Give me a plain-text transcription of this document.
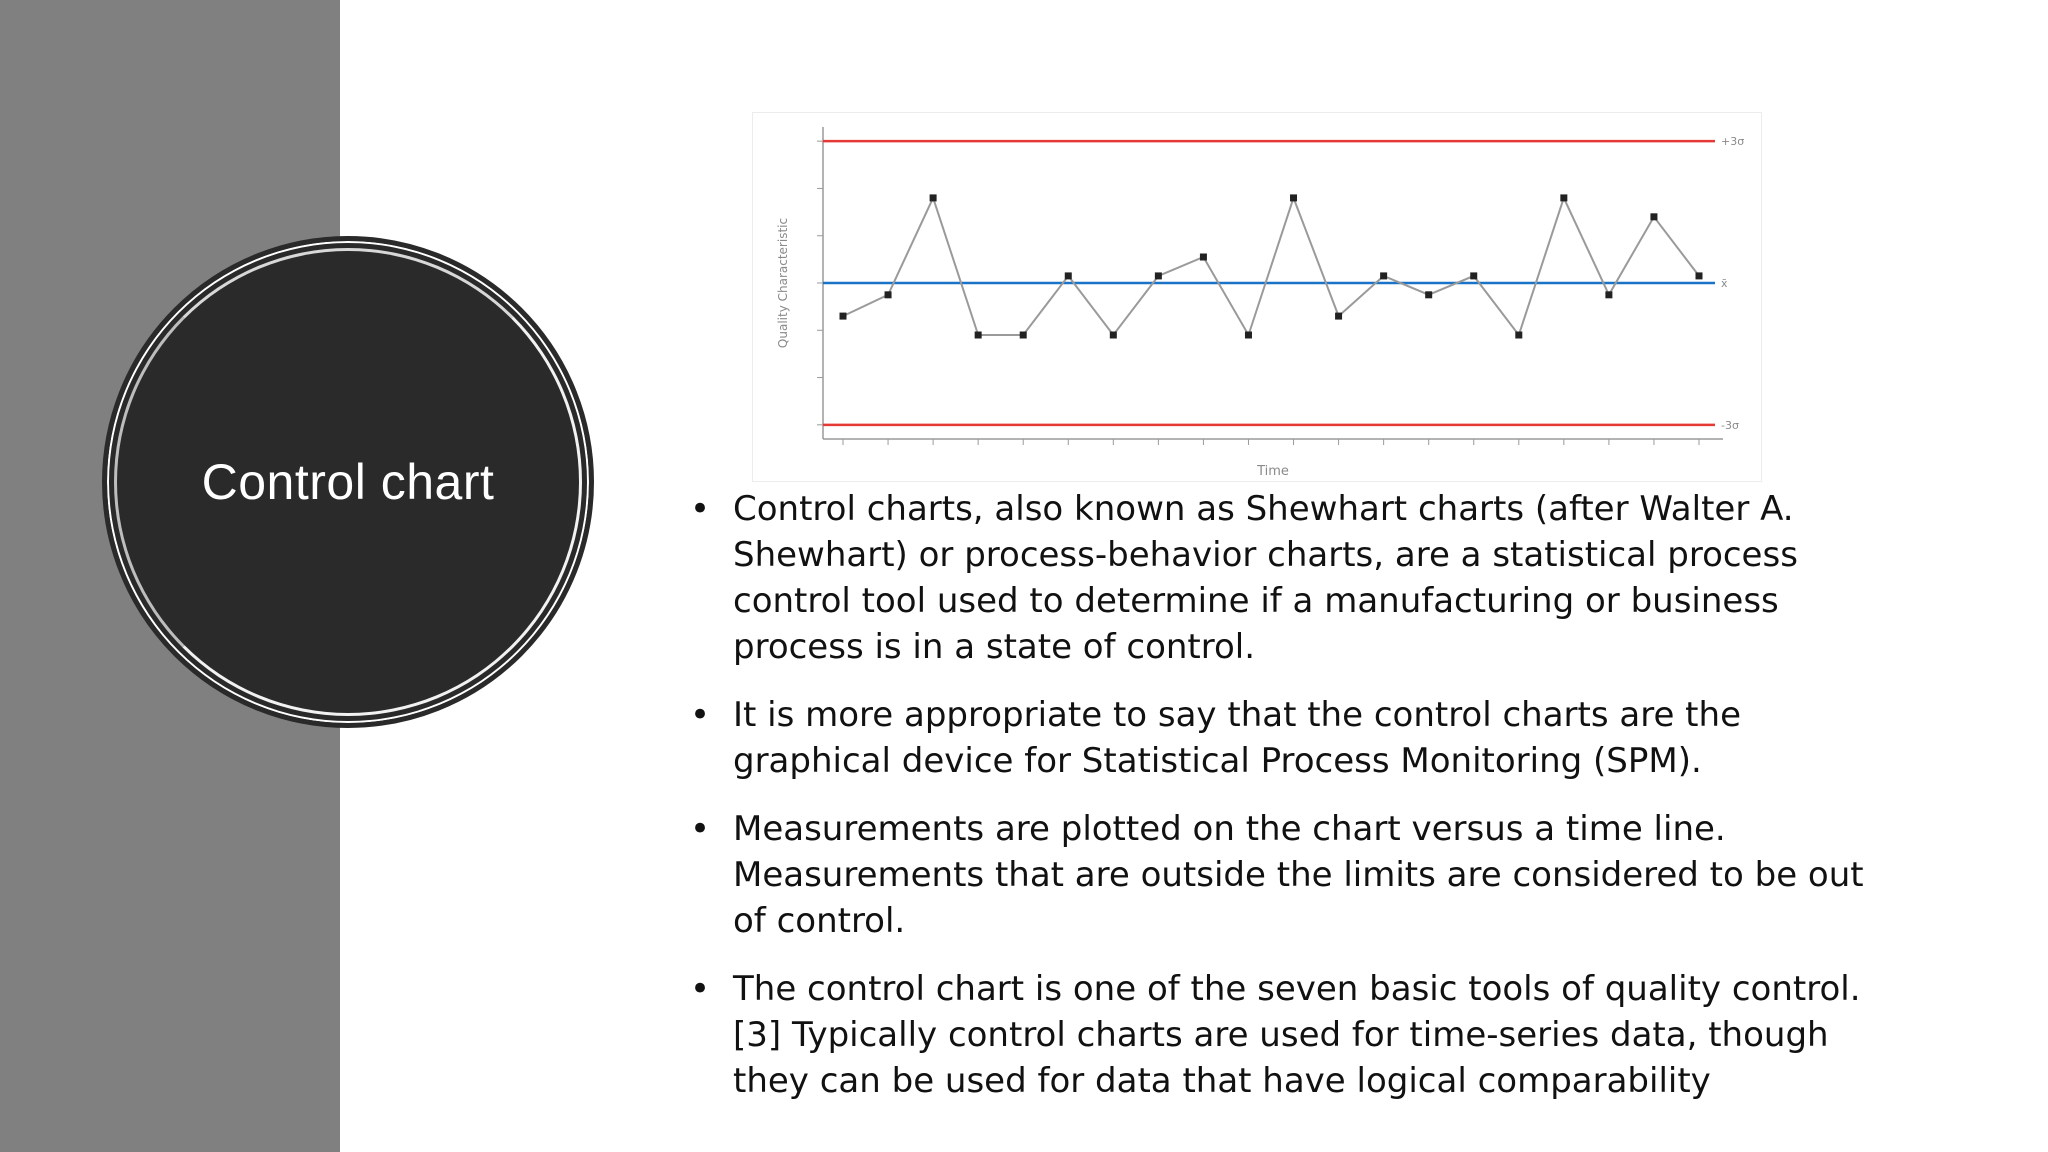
Control chart
+3σ
x̄
-3σ
Time
Quality Characteristic
• Control charts, also known as Shewhart charts (after Walter A. Shewhart) or process-behavior charts, are a statistical process control tool used to determine if a manufacturing or business process is in a state of control.
• It is more appropriate to say that the control charts are the graphical device for Statistical Process Monitoring (SPM).
• Measurements are plotted on the chart versus a time line. Measurements that are outside the limits are considered to be out of control.
• The control chart is one of the seven basic tools of quality control.[3] Typically control charts are used for time-series data, though they can be used for data that have logical comparability
